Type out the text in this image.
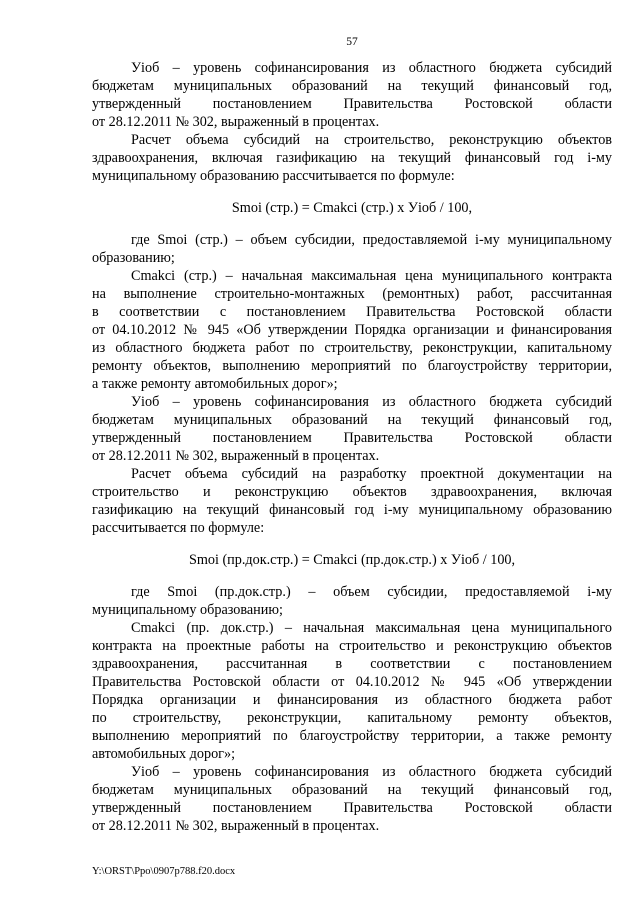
57
Уioб – уровень софинансирования из областного бюджета субсидий
бюджетам муниципальных образований на текущий финансовый год,
утвержденный постановлением Правительства Ростовской области
от 28.12.2011 № 302, выраженный в процентах.
Расчет объема субсидий на строительство, реконструкцию объектов
здравоохранения, включая газификацию на текущий финансовый год i-му
муниципальному образованию рассчитывается по формуле:
Smoi (стр.) = Cmakci (стр.) x Уioб / 100,
где Smoi (стр.) – объем субсидии, предоставляемой i-му муниципальному
образованию;
Cmakci (стр.) – начальная максимальная цена муниципального контракта
на выполнение строительно-монтажных (ремонтных) работ, рассчитанная
в соответствии с постановлением Правительства Ростовской области
от 04.10.2012 № 945 «Об утверждении Порядка организации и финансирования
из областного бюджета работ по строительству, реконструкции, капитальному
ремонту объектов, выполнению мероприятий по благоустройству территории,
а также ремонту автомобильных дорог»;
Уioб – уровень софинансирования из областного бюджета субсидий
бюджетам муниципальных образований на текущий финансовый год,
утвержденный постановлением Правительства Ростовской области
от 28.12.2011 № 302, выраженный в процентах.
Расчет объема субсидий на разработку проектной документации на
строительство и реконструкцию объектов здравоохранения, включая
газификацию на текущий финансовый год i-му муниципальному образованию
рассчитывается по формуле:
Smoi (пр.док.стр.) = Cmakci (пр.док.стр.) x Уioб / 100,
где Smoi (пр.док.стр.) – объем субсидии, предоставляемой i-му
муниципальному образованию;
Cmakci (пр. док.стр.) – начальная максимальная цена муниципального
контракта на проектные работы на строительство и реконструкцию объектов
здравоохранения, рассчитанная в соответствии с постановлением
Правительства Ростовской области от 04.10.2012 № 945 «Об утверждении
Порядка организации и финансирования из областного бюджета работ
по строительству, реконструкции, капитальному ремонту объектов,
выполнению мероприятий по благоустройству территории, а также ремонту
автомобильных дорог»;
Уioб – уровень софинансирования из областного бюджета субсидий
бюджетам муниципальных образований на текущий финансовый год,
утвержденный постановлением Правительства Ростовской области
от 28.12.2011 № 302, выраженный в процентах.
Y:\ORST\Ppo\0907p788.f20.docx
